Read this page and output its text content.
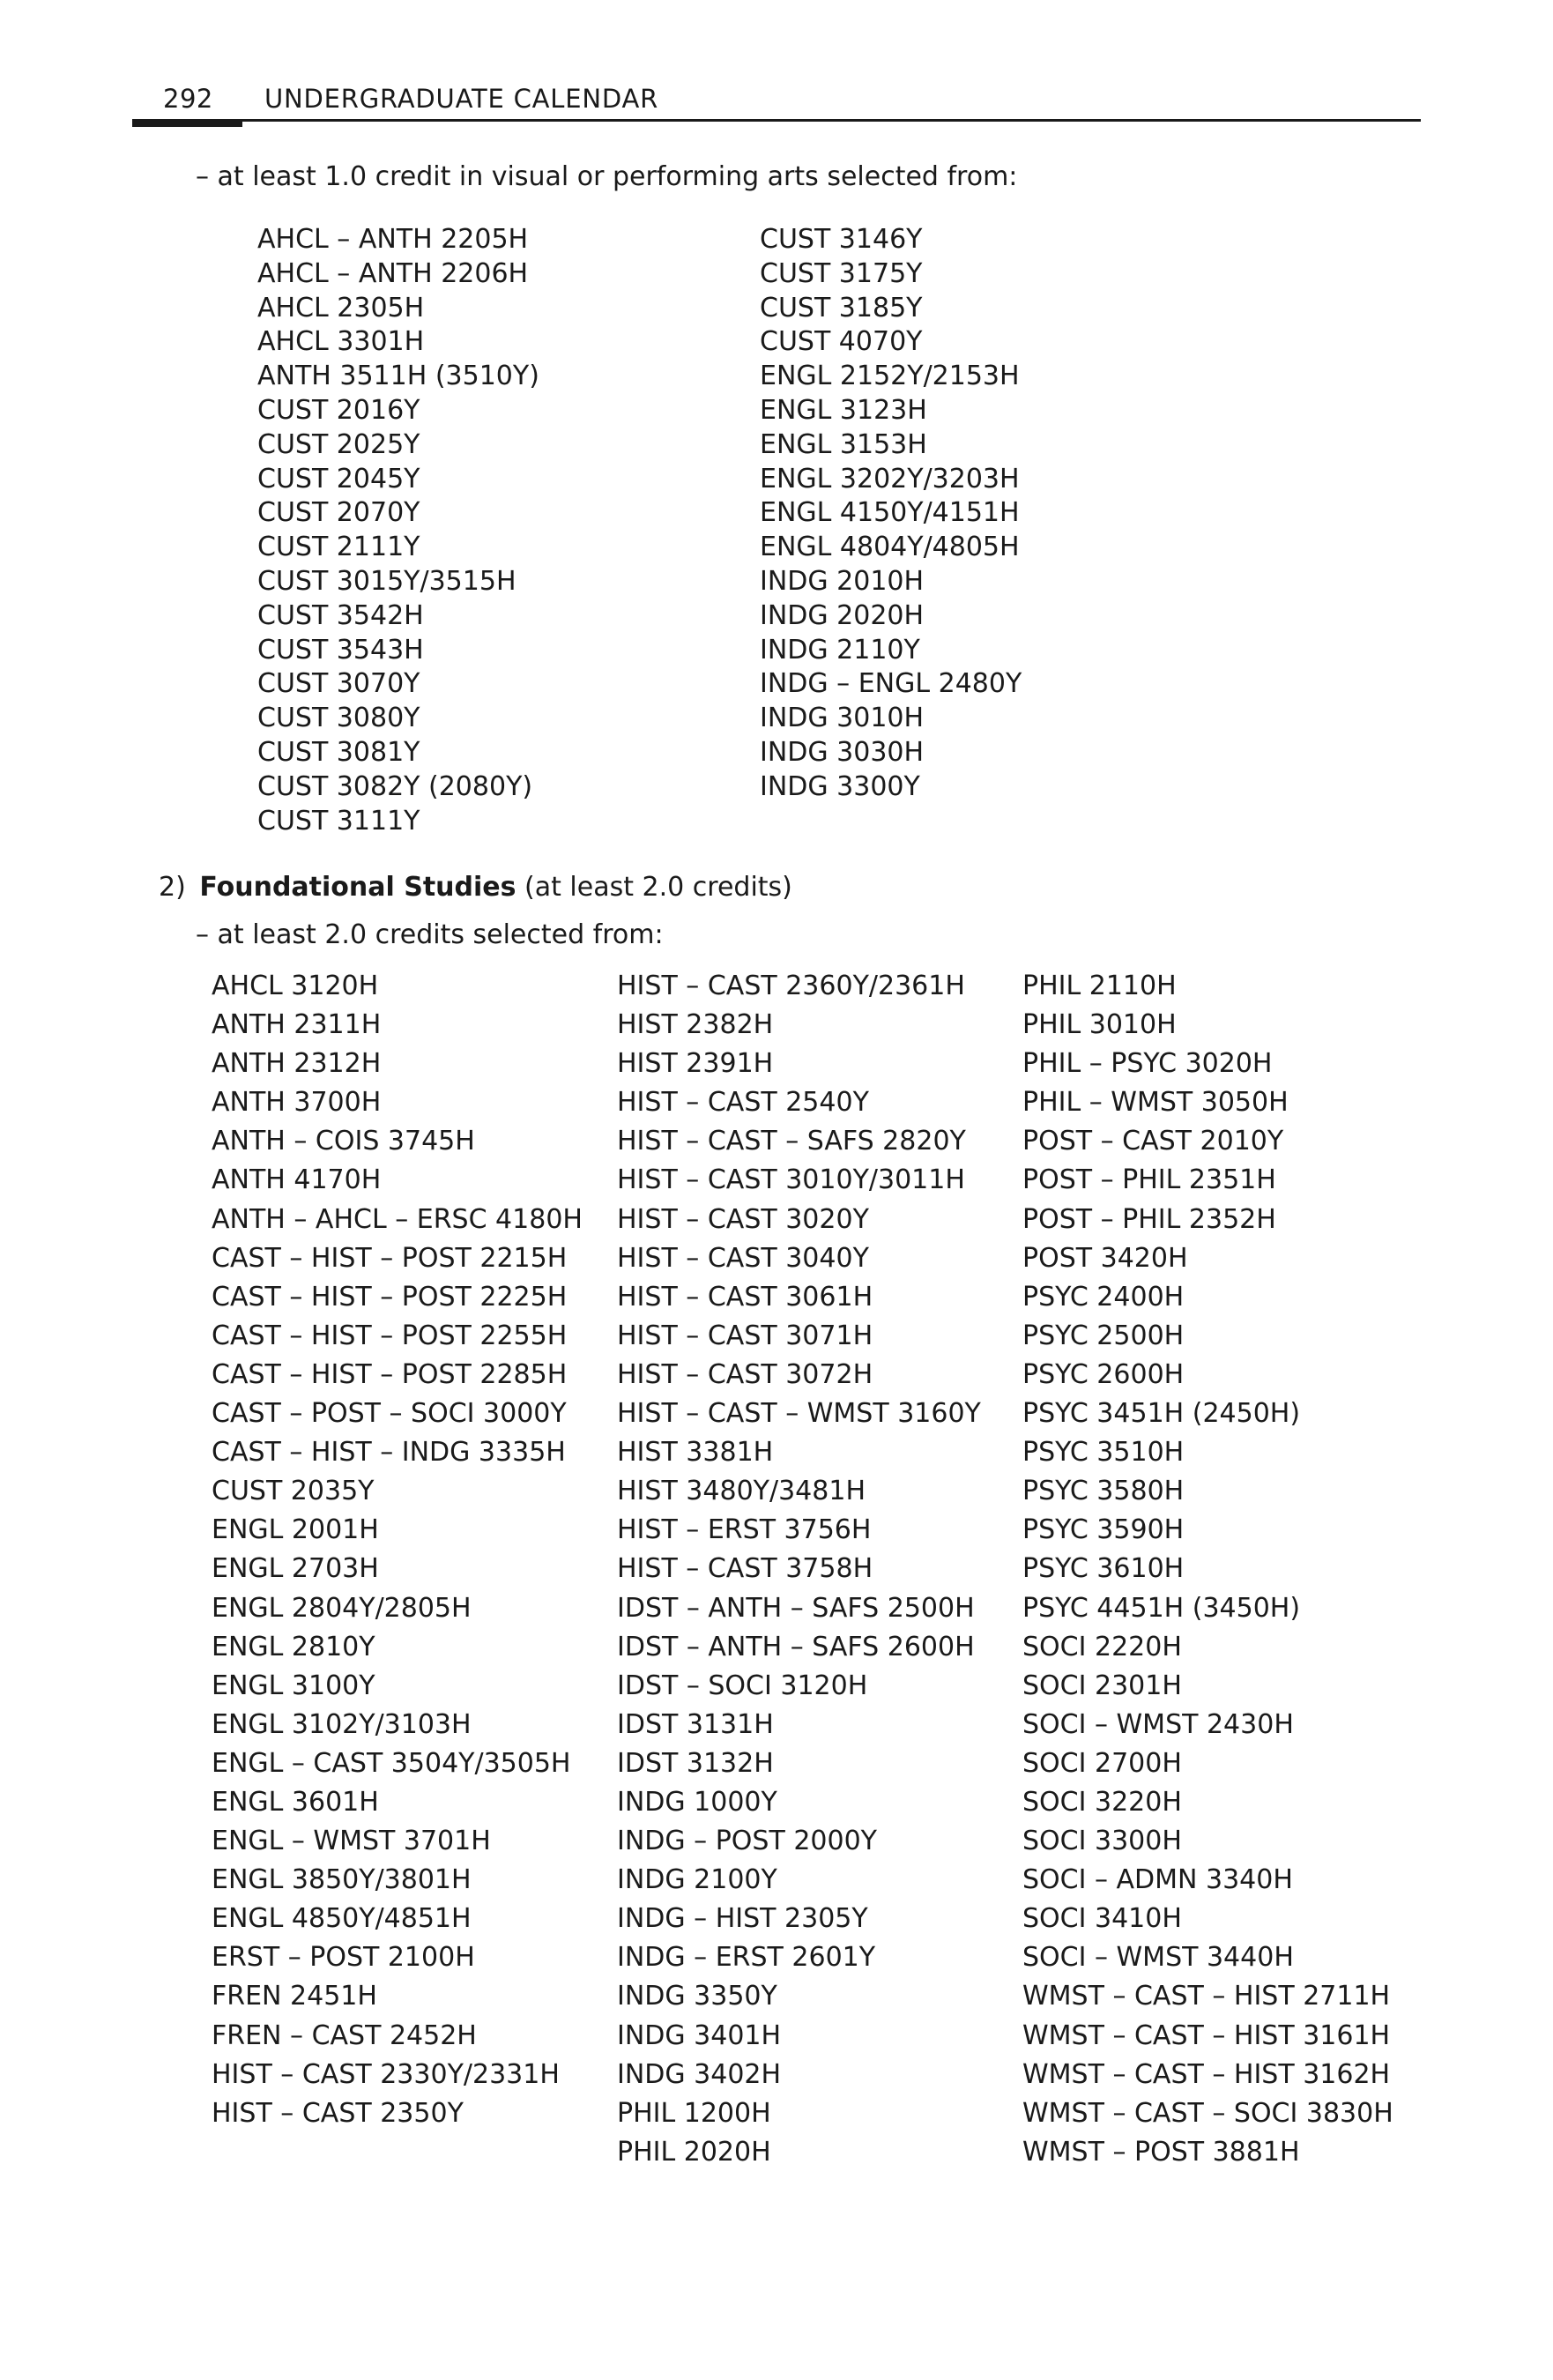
292 UNDERGRADUATE CALENDAR
– at least 1.0 credit in visual or performing arts selected from:
AHCL – ANTH 2205H
AHCL – ANTH 2206H
AHCL 2305H
AHCL 3301H
ANTH 3511H (3510Y)
CUST 2016Y
CUST 2025Y
CUST 2045Y
CUST 2070Y
CUST 2111Y
CUST 3015Y/3515H
CUST 3542H
CUST 3543H
CUST 3070Y
CUST 3080Y
CUST 3081Y
CUST 3082Y (2080Y)
CUST 3111Y
CUST 3146Y
CUST 3175Y
CUST 3185Y
CUST 4070Y
ENGL 2152Y/2153H
ENGL 3123H
ENGL 3153H
ENGL 3202Y/3203H
ENGL 4150Y/4151H
ENGL 4804Y/4805H
INDG 2010H
INDG 2020H
INDG 2110Y
INDG – ENGL 2480Y
INDG 3010H
INDG 3030H
INDG 3300Y
2) Foundational Studies (at least 2.0 credits)
– at least 2.0 credits selected from:
AHCL 3120H
ANTH 2311H
ANTH 2312H
ANTH 3700H
ANTH – COIS 3745H
ANTH 4170H
ANTH – AHCL – ERSC 4180H
CAST – HIST – POST 2215H
CAST – HIST – POST 2225H
CAST – HIST – POST 2255H
CAST – HIST – POST 2285H
CAST – POST – SOCI 3000Y
CAST – HIST – INDG 3335H
CUST 2035Y
ENGL 2001H
ENGL 2703H
ENGL 2804Y/2805H
ENGL 2810Y
ENGL 3100Y
ENGL 3102Y/3103H
ENGL – CAST 3504Y/3505H
ENGL 3601H
ENGL – WMST 3701H
ENGL 3850Y/3801H
ENGL 4850Y/4851H
ERST – POST 2100H
FREN 2451H
FREN – CAST 2452H
HIST – CAST 2330Y/2331H
HIST – CAST 2350Y
HIST – CAST 2360Y/2361H
HIST 2382H
HIST 2391H
HIST – CAST 2540Y
HIST – CAST – SAFS 2820Y
HIST – CAST 3010Y/3011H
HIST – CAST 3020Y
HIST – CAST 3040Y
HIST – CAST 3061H
HIST – CAST 3071H
HIST – CAST 3072H
HIST – CAST – WMST 3160Y
HIST 3381H
HIST 3480Y/3481H
HIST – ERST 3756H
HIST – CAST 3758H
IDST – ANTH – SAFS 2500H
IDST – ANTH – SAFS 2600H
IDST – SOCI 3120H
IDST 3131H
IDST 3132H
INDG 1000Y
INDG – POST 2000Y
INDG 2100Y
INDG – HIST 2305Y
INDG – ERST 2601Y
INDG 3350Y
INDG 3401H
INDG 3402H
PHIL 1200H
PHIL 2020H
PHIL 2110H
PHIL 3010H
PHIL – PSYC 3020H
PHIL – WMST 3050H
POST – CAST 2010Y
POST – PHIL 2351H
POST – PHIL 2352H
POST 3420H
PSYC 2400H
PSYC 2500H
PSYC 2600H
PSYC 3451H (2450H)
PSYC 3510H
PSYC 3580H
PSYC 3590H
PSYC 3610H
PSYC 4451H (3450H)
SOCI 2220H
SOCI 2301H
SOCI – WMST 2430H
SOCI 2700H
SOCI 3220H
SOCI 3300H
SOCI – ADMN 3340H
SOCI 3410H
SOCI – WMST 3440H
WMST – CAST – HIST 2711H
WMST – CAST – HIST 3161H
WMST – CAST – HIST 3162H
WMST – CAST – SOCI 3830H
WMST – POST 3881H
